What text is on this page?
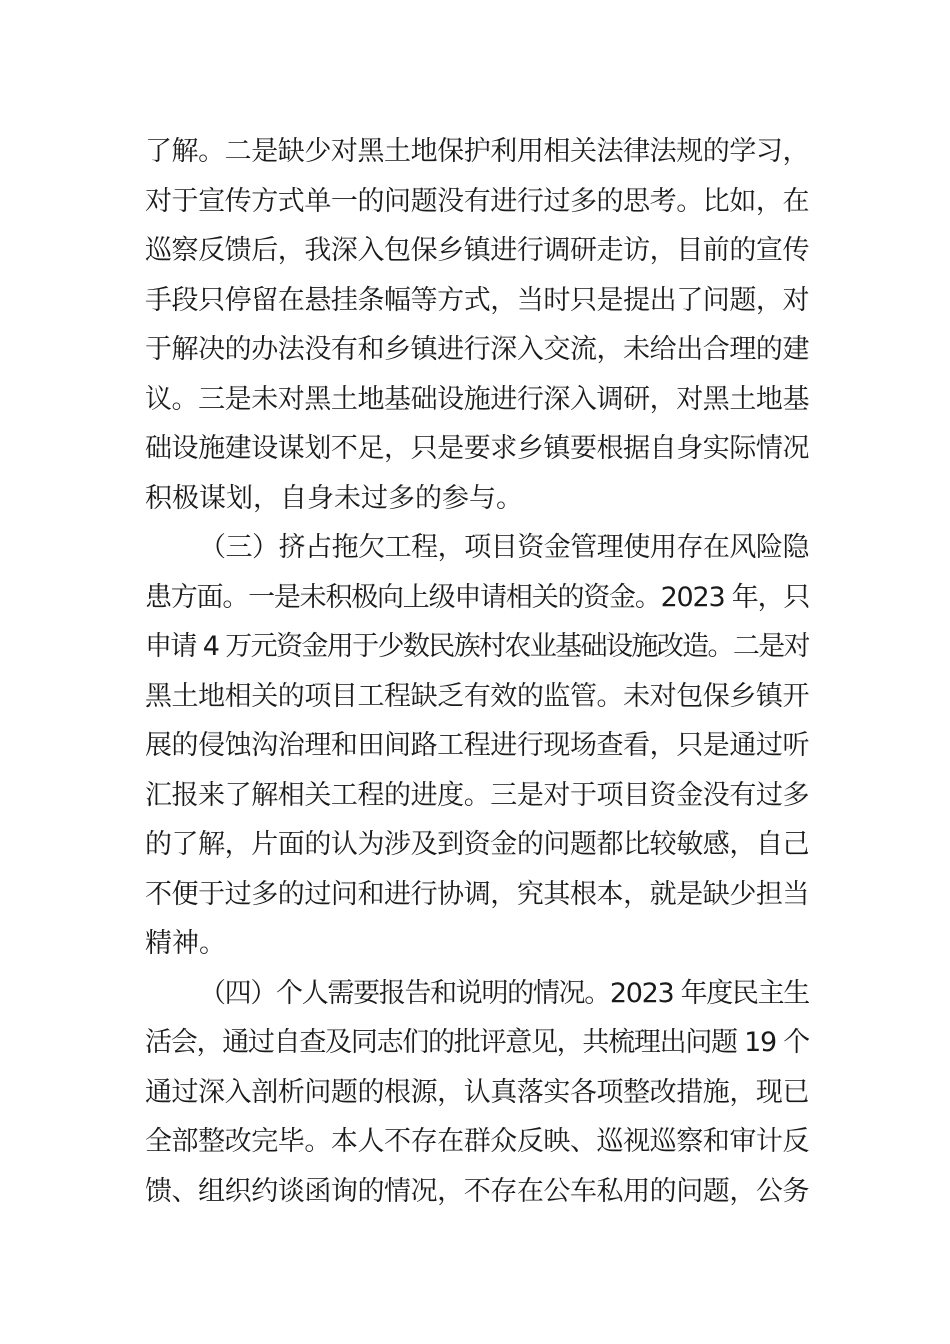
了解。二是缺少对黑土地保护利用相关法律法规的学习，
对于宣传方式单一的问题没有进行过多的思考。比如，在
巡察反馈后，我深入包保乡镇进行调研走访，目前的宣传
手段只停留在悬挂条幅等方式，当时只是提出了问题，对
于解决的办法没有和乡镇进行深入交流，未给出合理的建
议。三是未对黑土地基础设施进行深入调研，对黑土地基
础设施建设谋划不足，只是要求乡镇要根据自身实际情况
积极谋划，自身未过多的参与。
（三）挤占拖欠工程，项目资金管理使用存在风险隐
患方面。一是未积极向上级申请相关的资金。2023 年，只
申请 4 万元资金用于少数民族村农业基础设施改造。二是对
黑土地相关的项目工程缺乏有效的监管。未对包保乡镇开
展的侵蚀沟治理和田间路工程进行现场查看，只是通过听
汇报来了解相关工程的进度。三是对于项目资金没有过多
的了解，片面的认为涉及到资金的问题都比较敏感，自己
不便于过多的过问和进行协调，究其根本，就是缺少担当
精神。
（四）个人需要报告和说明的情况。2023 年度民主生
活会，通过自查及同志们的批评意见，共梳理出问题 19 个
通过深入剖析问题的根源，认真落实各项整改措施，现已
全部整改完毕。本人不存在群众反映、巡视巡察和审计反
馈、组织约谈函询的情况，不存在公车私用的问题，公务
